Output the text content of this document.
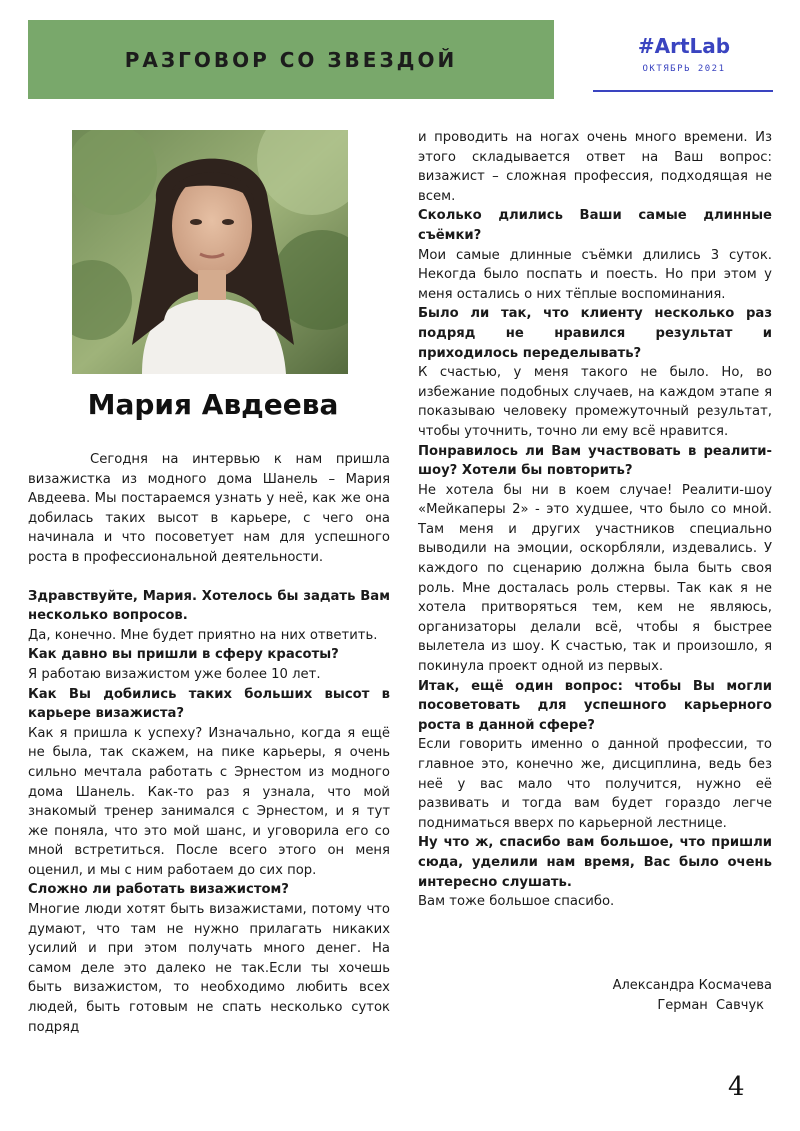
РАЗГОВОР СО ЗВЕЗДОЙ
#ArtLab
ОКТЯБРЬ 2021
Мария Авдеева

Сегодня на интервью к нам пришла визажистка из модного дома Шанель – Мария Авдеева. Мы постараемся узнать у неё, как же она добилась таких высот в карьере, с чего она начинала и что посоветует нам для успешного роста в профессиональной деятельности.

Здравствуйте, Мария. Хотелось бы задать Вам несколько вопросов.

Да, конечно. Мне будет приятно на них ответить.

Как давно вы пришли в сферу красоты?

Я работаю визажистом уже более 10 лет.

Как Вы добились таких больших высот в карьере визажиста?

Как я пришла к успеху? Изначально, когда я ещё не была, так скажем, на пике карьеры, я очень сильно мечтала работать с Эрнестом из модного дома Шанель. Как-то раз я узнала, что мой знакомый тренер занимался с Эрнестом, и я тут же поняла, что это мой шанс, и уговорила его со мной встретиться. После всего этого он меня оценил, и мы с ним работаем до сих пор.

Сложно ли работать визажистом?

Многие люди хотят быть визажистами, потому что думают, что там не нужно прилагать никаких усилий и при этом получать много денег. На самом деле это далеко не так.Если ты хочешь быть визажистом, то необходимо любить всех людей, быть готовым не спать несколько суток подряд

и проводить на ногах очень много времени. Из этого складывается ответ на Ваш вопрос: визажист – сложная профессия, подходящая не всем.

Сколько длились Ваши самые длинные съёмки?

Мои самые длинные съёмки длились 3 суток. Некогда было поспать и поесть. Но при этом у меня остались о них тёплые воспоминания.

Было ли так, что клиенту несколько раз подряд не нравился результат и приходилось переделывать?

К счастью, у меня такого не было. Но, во избежание подобных случаев, на каждом этапе я показываю человеку промежуточный результат, чтобы уточнить, точно ли ему всё нравится.

Понравилось ли Вам участвовать в реалити-шоу? Хотели бы повторить?

Не хотела бы ни в коем случае! Реалити-шоу «Мейкаперы 2» - это худшее, что было со мной. Там меня и других участников специально выводили на эмоции, оскорбляли, издевались. У каждого по сценарию должна была быть своя роль. Мне досталась роль стервы. Так как я не хотела притворяться тем, кем не являюсь, организаторы делали всё, чтобы я быстрее вылетела из шоу. К счастью, так и произошло, я покинула проект одной из первых.

Итак, ещё один вопрос: чтобы Вы могли посоветовать для успешного карьерного роста в данной сфере?

Если говорить именно о данной профессии, то главное это, конечно же, дисциплина, ведь без неё у вас мало что получится, нужно её развивать и тогда вам будет гораздо легче подниматься вверх по карьерной лестнице.

Ну что ж, спасибо вам большое, что пришли сюда, уделили нам время, Вас было очень интересно слушать.

Вам тоже большое спасибо.

Александра Космачева
Герман  Савчук
4
